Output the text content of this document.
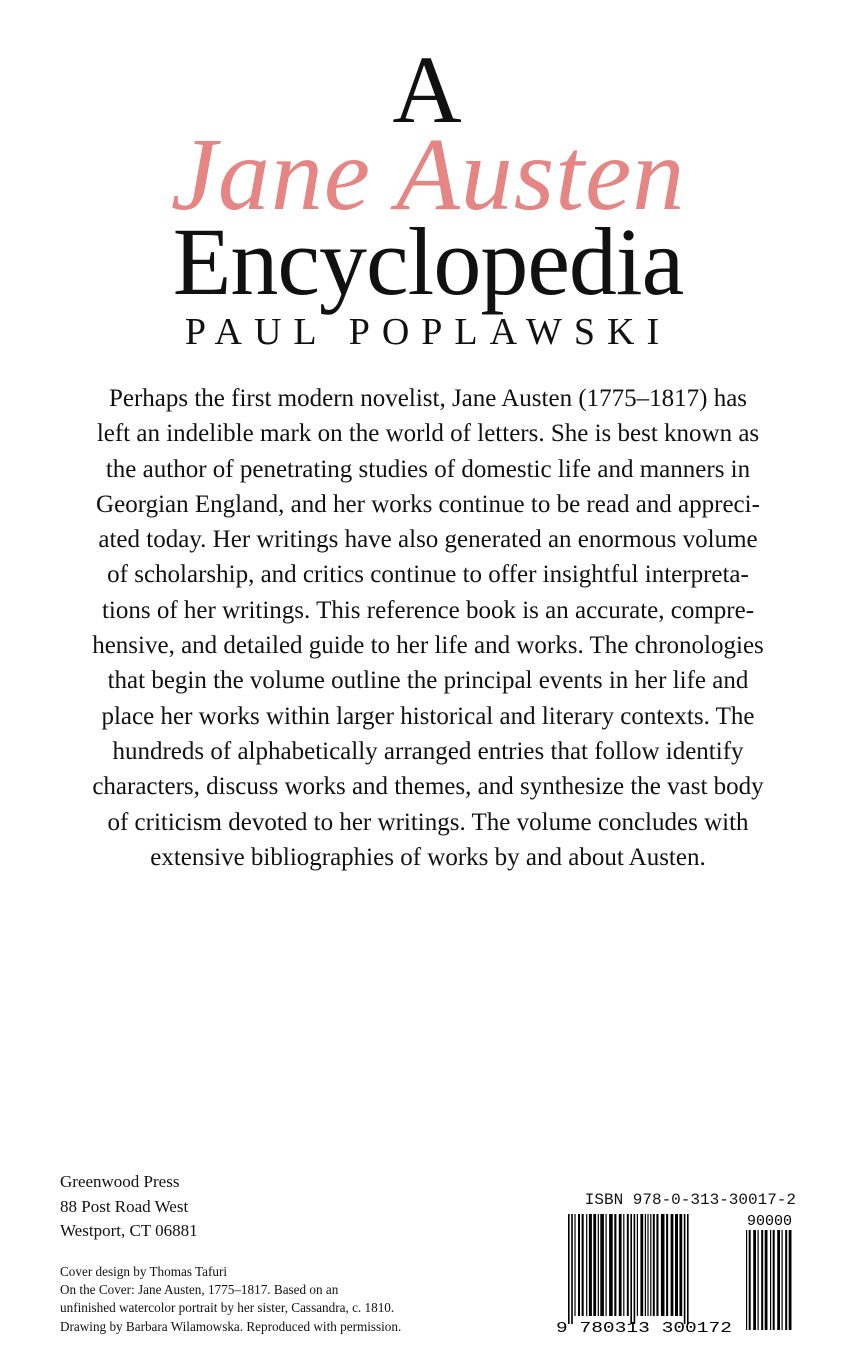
A
Jane Austen
Encyclopedia
PAUL POPLAWSKI

Perhaps the first modern novelist, Jane Austen (1775–1817) has
left an indelible mark on the world of letters. She is best known as
the author of penetrating studies of domestic life and manners in
Georgian England, and her works continue to be read and appreci-
ated today. Her writings have also generated an enormous volume
of scholarship, and critics continue to offer insightful interpreta-
tions of her writings. This reference book is an accurate, compre-
hensive, and detailed guide to her life and works. The chronologies
that begin the volume outline the principal events in her life and
place her works within larger historical and literary contexts. The
hundreds of alphabetically arranged entries that follow identify
characters, discuss works and themes, and synthesize the vast body
of criticism devoted to her writings. The volume concludes with
extensive bibliographies of works by and about Austen.

Greenwood Press
88 Post Road West
Westport, CT 06881
Cover design by Thomas Tafuri
On the Cover: Jane Austen, 1775–1817. Based on an
unfinished watercolor portrait by her sister, Cassandra, c. 1810.
Drawing by Barbara Wilamowska. Reproduced with permission.
ISBN 978-0-313-30017-2
90000
9 780313 300172
